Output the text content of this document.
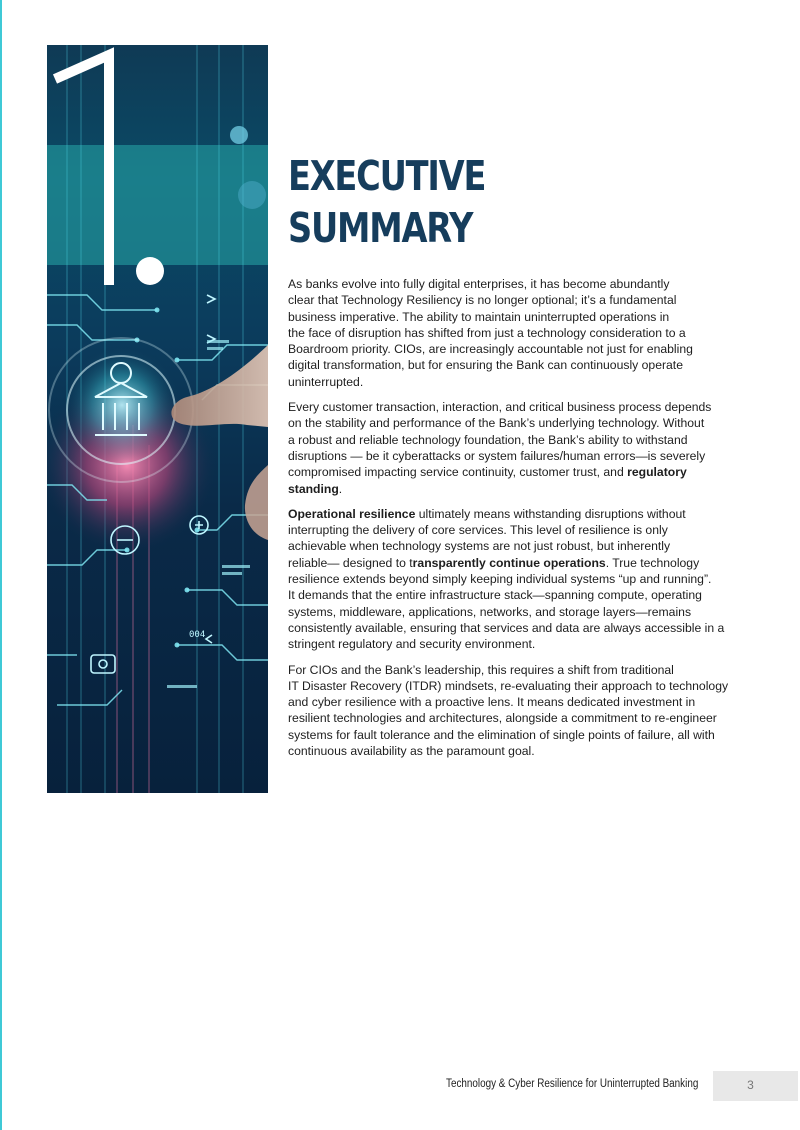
004
EXECUTIVE
SUMMARY

As banks evolve into fully digital enterprises, it has become abundantly
clear that Technology Resiliency is no longer optional; it’s a fundamental
business imperative. The ability to maintain uninterrupted operations in
the face of disruption has shifted from just a technology consideration to a
Boardroom priority. CIOs, are increasingly accountable not just for enabling
digital transformation, but for ensuring the Bank can continuously operate
uninterrupted.

Every customer transaction, interaction, and critical business process depends
on the stability and performance of the Bank’s underlying technology. Without
a robust and reliable technology foundation, the Bank’s ability to withstand
disruptions — be it cyberattacks or system failures/human errors—is severely
compromised impacting service continuity, customer trust, and regulatory
standing.

Operational resilience ultimately means withstanding disruptions without
interrupting the delivery of core services. This level of resilience is only
achievable when technology systems are not just robust, but inherently
reliable— designed to transparently continue operations. True technology
resilience extends beyond simply keeping individual systems “up and running”.
It demands that the entire infrastructure stack—spanning compute, operating
systems, middleware, applications, networks, and storage layers—remains
consistently available, ensuring that services and data are always accessible in a
stringent regulatory and security environment.

For CIOs and the Bank’s leadership, this requires a shift from traditional
IT Disaster Recovery (ITDR) mindsets, re-evaluating their approach to technology
and cyber resilience with a proactive lens. It means dedicated investment in
resilient technologies and architectures, alongside a commitment to re-engineer
systems for fault tolerance and the elimination of single points of failure, all with
continuous availability as the paramount goal.

Technology & Cyber Resilience for Uninterrupted Banking	3
